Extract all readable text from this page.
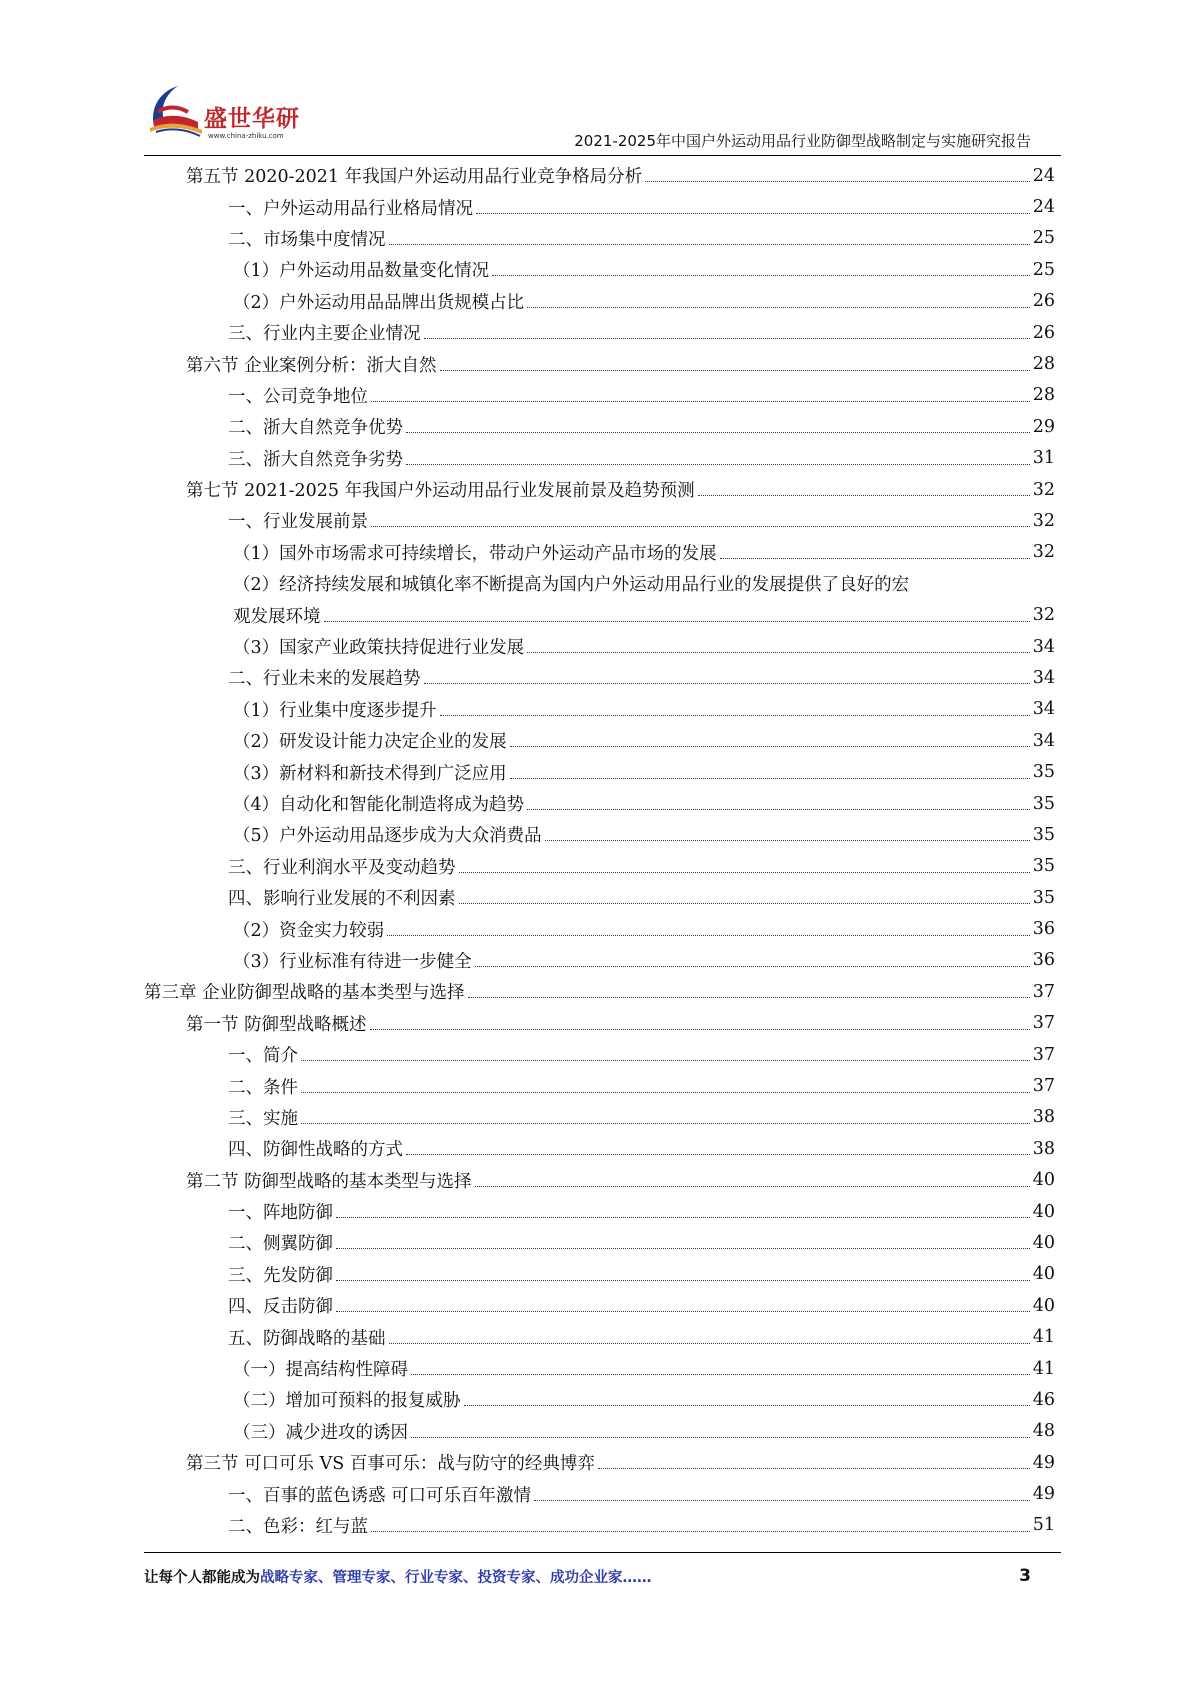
盛世华研
www.china-zhiku.com	2021-2025年中国户外运动用品行业防御型战略制定与实施研究报告
第五节 2020-2021 年我国户外运动用品行业竞争格局分析	24
一、户外运动用品行业格局情况	24
二、市场集中度情况	25
（1）户外运动用品数量变化情况	25
（2）户外运动用品品牌出货规模占比	26
三、行业内主要企业情况	26
第六节 企业案例分析：浙大自然	28
一、公司竞争地位	28
二、浙大自然竞争优势	29
三、浙大自然竞争劣势	31
第七节 2021-2025 年我国户外运动用品行业发展前景及趋势预测	32
一、行业发展前景	32
（1）国外市场需求可持续增长，带动户外运动产品市场的发展	32
（2）经济持续发展和城镇化率不断提高为国内户外运动用品行业的发展提供了良好的宏
观发展环境	32
（3）国家产业政策扶持促进行业发展	34
二、行业未来的发展趋势	34
（1）行业集中度逐步提升	34
（2）研发设计能力决定企业的发展	34
（3）新材料和新技术得到广泛应用	35
（4）自动化和智能化制造将成为趋势	35
（5）户外运动用品逐步成为大众消费品	35
三、行业利润水平及变动趋势	35
四、影响行业发展的不利因素	35
（2）资金实力较弱	36
（3）行业标准有待进一步健全	36
第三章 企业防御型战略的基本类型与选择	37
第一节 防御型战略概述	37
一、简介	37
二、条件	37
三、实施	38
四、防御性战略的方式	38
第二节 防御型战略的基本类型与选择	40
一、阵地防御	40
二、侧翼防御	40
三、先发防御	40
四、反击防御	40
五、防御战略的基础	41
（一）提高结构性障碍	41
（二）增加可预料的报复威胁	46
（三）减少进攻的诱因	48
第三节 可口可乐 VS 百事可乐：战与防守的经典博弈	49
一、百事的蓝色诱惑 可口可乐百年激情	49
二、色彩：红与蓝	51
让每个人都能成为战略专家、管理专家、行业专家、投资专家、成功企业家……	3
